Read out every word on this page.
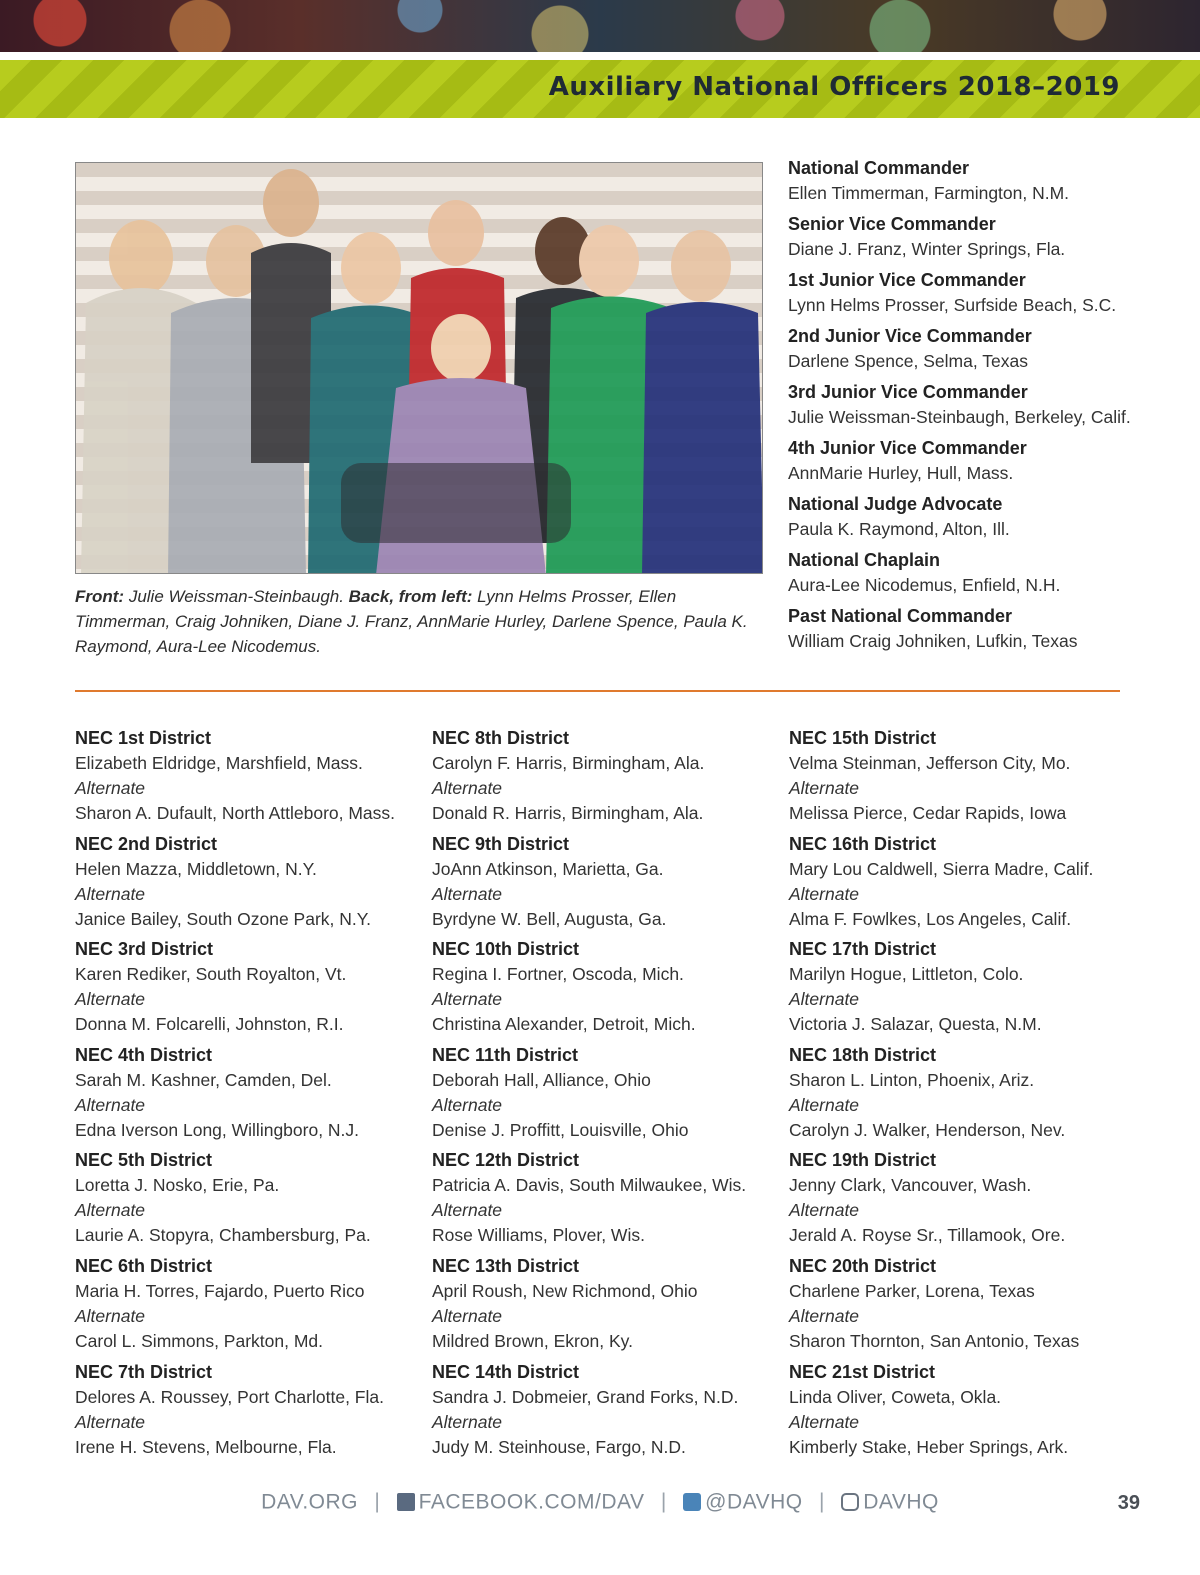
Auxiliary National Officers 2018–2019

Front: Julie Weissman-Steinbaugh. Back, from left: Lynn Helms Prosser, Ellen Timmerman, Craig Johniken, Diane J. Franz, AnnMarie Hurley, Darlene Spence, Paula K. Raymond, Aura-Lee Nicodemus.

National Commander
Ellen Timmerman, Farmington, N.M.
Senior Vice Commander
Diane J. Franz, Winter Springs, Fla.
1st Junior Vice Commander
Lynn Helms Prosser, Surfside Beach, S.C.
2nd Junior Vice Commander
Darlene Spence, Selma, Texas
3rd Junior Vice Commander
Julie Weissman-Steinbaugh, Berkeley, Calif.
4th Junior Vice Commander
AnnMarie Hurley, Hull, Mass.
National Judge Advocate
Paula K. Raymond, Alton, Ill.
National Chaplain
Aura-Lee Nicodemus, Enfield, N.H.
Past National Commander
William Craig Johniken, Lufkin, Texas
NEC 1st District
Elizabeth Eldridge, Marshfield, Mass.
Alternate
Sharon A. Dufault, North Attleboro, Mass.
NEC 2nd District
Helen Mazza, Middletown, N.Y.
Alternate
Janice Bailey, South Ozone Park, N.Y.
NEC 3rd District
Karen Rediker, South Royalton, Vt.
Alternate
Donna M. Folcarelli, Johnston, R.I.
NEC 4th District
Sarah M. Kashner, Camden, Del.
Alternate
Edna Iverson Long, Willingboro, N.J.
NEC 5th District
Loretta J. Nosko, Erie, Pa.
Alternate
Laurie A. Stopyra, Chambersburg, Pa.
NEC 6th District
Maria H. Torres, Fajardo, Puerto Rico
Alternate
Carol L. Simmons, Parkton, Md.
NEC 7th District
Delores A. Roussey, Port Charlotte, Fla.
Alternate
Irene H. Stevens, Melbourne, Fla.
NEC 8th District
Carolyn F. Harris, Birmingham, Ala.
Alternate
Donald R. Harris, Birmingham, Ala.
NEC 9th District
JoAnn Atkinson, Marietta, Ga.
Alternate
Byrdyne W. Bell, Augusta, Ga.
NEC 10th District
Regina I. Fortner, Oscoda, Mich.
Alternate
Christina Alexander, Detroit, Mich.
NEC 11th District
Deborah Hall, Alliance, Ohio
Alternate
Denise J. Proffitt, Louisville, Ohio
NEC 12th District
Patricia A. Davis, South Milwaukee, Wis.
Alternate
Rose Williams, Plover, Wis.
NEC 13th District
April Roush, New Richmond, Ohio
Alternate
Mildred Brown, Ekron, Ky.
NEC 14th District
Sandra J. Dobmeier, Grand Forks, N.D.
Alternate
Judy M. Steinhouse, Fargo, N.D.
NEC 15th District
Velma Steinman, Jefferson City, Mo.
Alternate
Melissa Pierce, Cedar Rapids, Iowa
NEC 16th District
Mary Lou Caldwell, Sierra Madre, Calif.
Alternate
Alma F. Fowlkes, Los Angeles, Calif.
NEC 17th District
Marilyn Hogue, Littleton, Colo.
Alternate
Victoria J. Salazar, Questa, N.M.
NEC 18th District
Sharon L. Linton, Phoenix, Ariz.
Alternate
Carolyn J. Walker, Henderson, Nev.
NEC 19th District
Jenny Clark, Vancouver, Wash.
Alternate
Jerald A. Royse Sr., Tillamook, Ore.
NEC 20th District
Charlene Parker, Lorena, Texas
Alternate
Sharon Thornton, San Antonio, Texas
NEC 21st District
Linda Oliver, Coweta, Okla.
Alternate
Kimberly Stake, Heber Springs, Ark.
DAV.ORG | FACEBOOK.COM/DAV | @DAVHQ | DAVHQ	39
